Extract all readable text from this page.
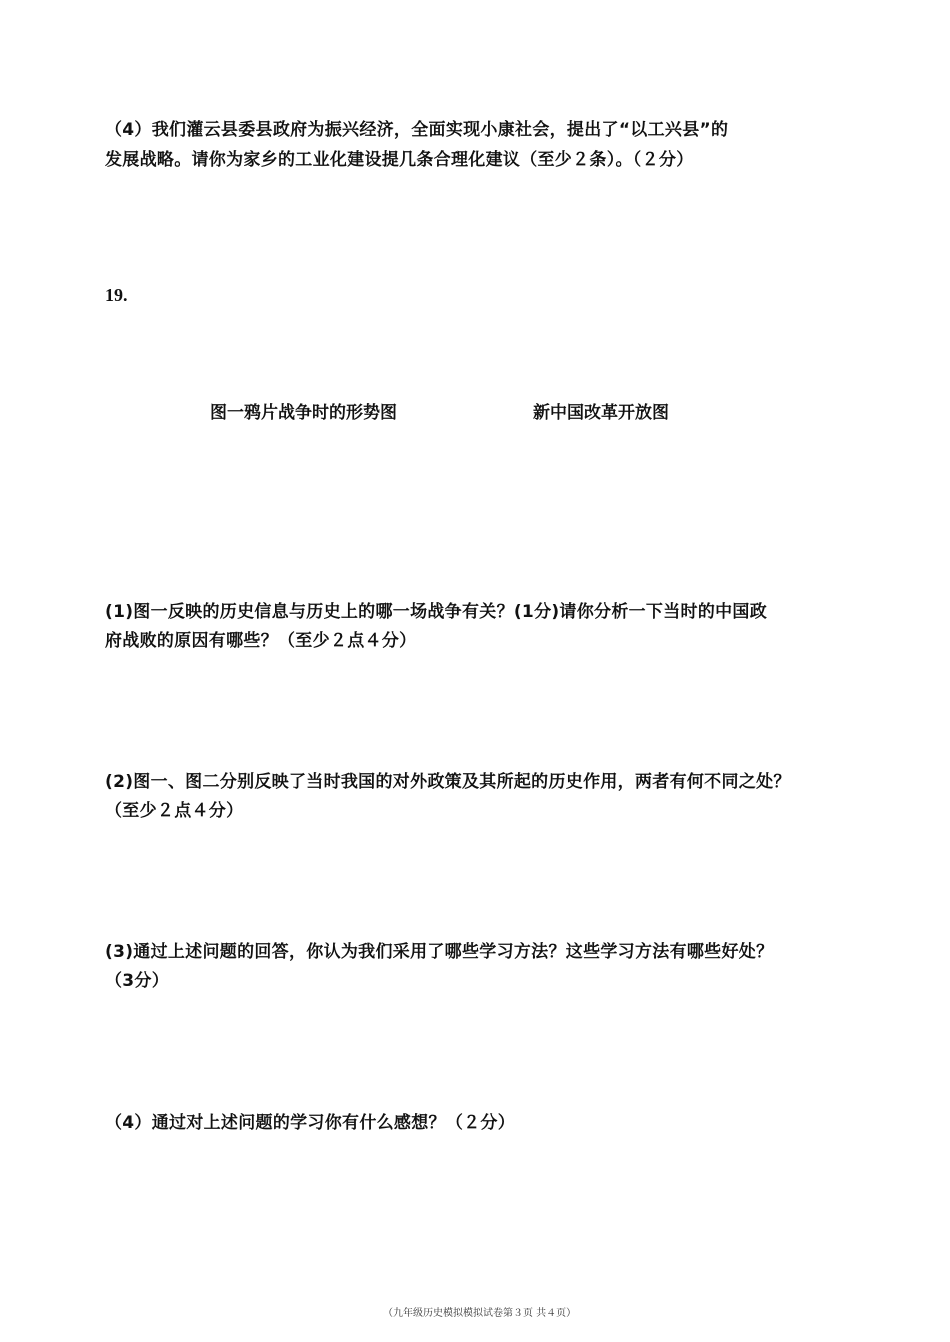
（4）我们灌云县委县政府为振兴经济，全面实现小康社会，提出了“以工兴县”的
发展战略。请你为家乡的工业化建设提几条合理化建议（至少２条）。（２分）
19.
图一鸦片战争时的形势图	新中国改革开放图
(1)图一反映的历史信息与历史上的哪一场战争有关？(1分)请你分析一下当时的中国政
府战败的原因有哪些？（至少２点４分）
(2)图一、图二分别反映了当时我国的对外政策及其所起的历史作用，两者有何不同之处？
（至少２点４分）
(3)通过上述问题的回答，你认为我们采用了哪些学习方法？这些学习方法有哪些好处？
（3分）
（4）通过对上述问题的学习你有什么感想？（２分）
（九年级历史模拟模拟试卷第３页 共４页）
